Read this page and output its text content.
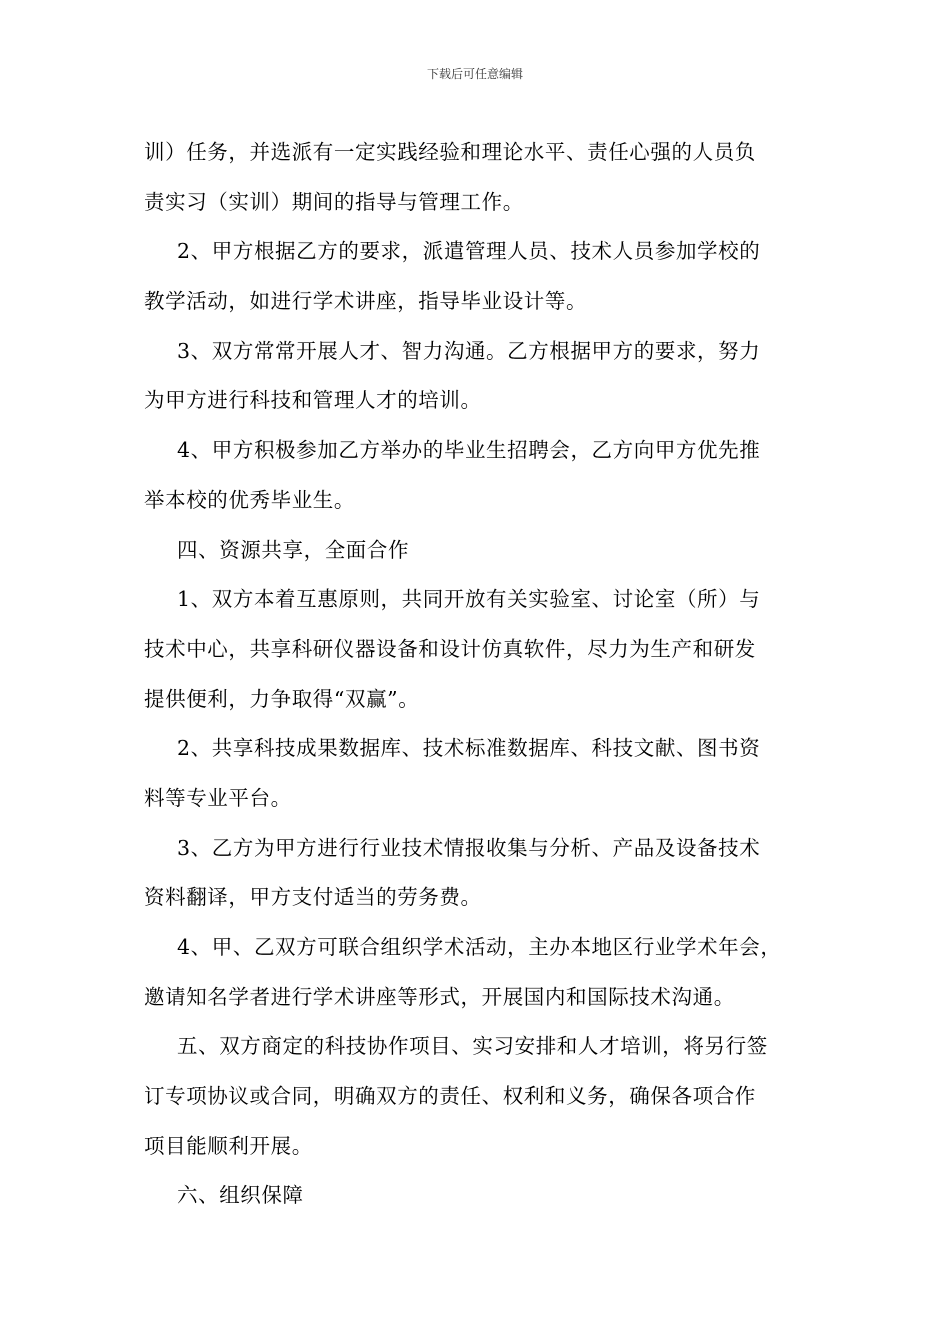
下载后可任意编辑
训）任务，并选派有一定实践经验和理论水平、责任心强的人员负
责实习（实训）期间的指导与管理工作。
2、甲方根据乙方的要求，派遣管理人员、技术人员参加学校的
教学活动，如进行学术讲座，指导毕业设计等。
3、双方常常开展人才、智力沟通。乙方根据甲方的要求，努力
为甲方进行科技和管理人才的培训。
4、甲方积极参加乙方举办的毕业生招聘会，乙方向甲方优先推
举本校的优秀毕业生。
四、资源共享，全面合作
1、双方本着互惠原则，共同开放有关实验室、讨论室（所）与
技术中心，共享科研仪器设备和设计仿真软件，尽力为生产和研发
提供便利，力争取得“双赢”。
2、共享科技成果数据库、技术标准数据库、科技文献、图书资
料等专业平台。
3、乙方为甲方进行行业技术情报收集与分析、产品及设备技术
资料翻译，甲方支付适当的劳务费。
4、甲、乙双方可联合组织学术活动，主办本地区行业学术年会，
邀请知名学者进行学术讲座等形式，开展国内和国际技术沟通。
五、双方商定的科技协作项目、实习安排和人才培训，将另行签
订专项协议或合同，明确双方的责任、权利和义务，确保各项合作
项目能顺利开展。
六、组织保障
